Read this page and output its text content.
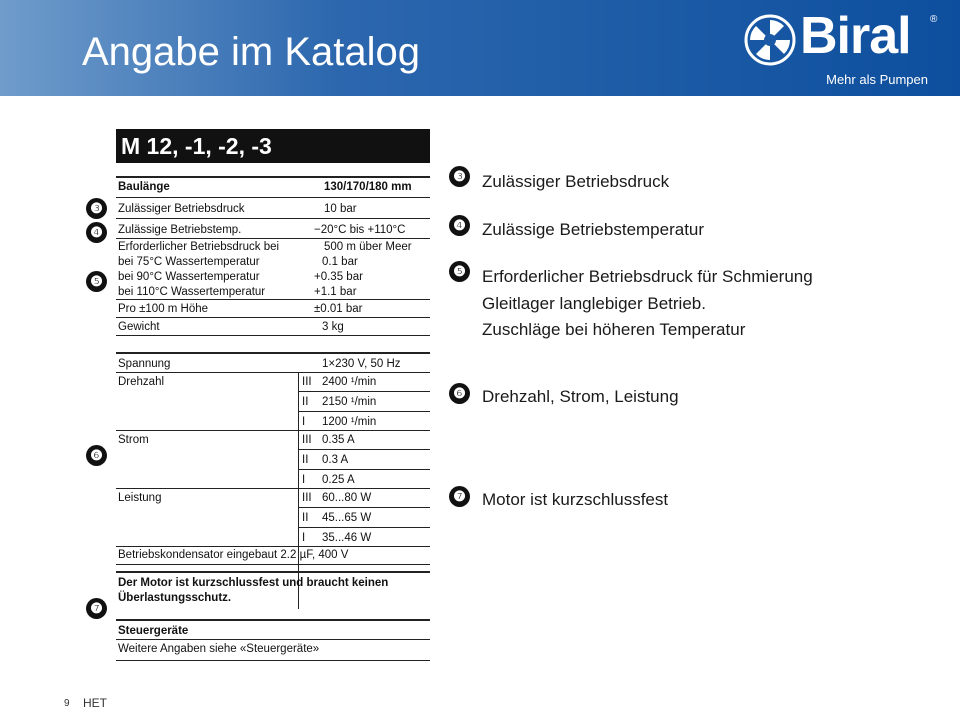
Angabe im Katalog	Biral ®
Mehr als Pumpen
❸
❹
❺
❻
❼
M 12, -1, -2, -3
Baulänge	130/170/180 mm
Zulässiger Betriebsdruck	10 bar
Zulässige Betriebstemp.	−20°C bis +110°C
Erforderlicher Betriebsdruck bei	500 m über Meer
bei 75°C Wassertemperatur	0.1 bar
bei 90°C Wassertemperatur	+0.35 bar
bei 110°C Wassertemperatur	+1.1 bar
Pro ±100 m Höhe	±0.01 bar
Gewicht	3 kg
Spannung	1×230 V, 50 Hz
Drehzahl	III 2400 ¹/min
II 2150 ¹/min
I 1200 ¹/min
Strom	III 0.35 A
II 0.3 A
I 0.25 A
Leistung	III 60...80 W
II 45...65 W
I 35...46 W
Betriebskondensator eingebaut 2.2 µF, 400 V
Der Motor ist kurzschlussfest und braucht keinen
Überlastungsschutz.
Steuergeräte
Weitere Angaben siehe «Steuergeräte»
❸ Zulässiger Betriebsdruck
❹ Zulässige Betriebstemperatur
❺ Erforderlicher Betriebsdruck für Schmierung
Gleitlager langlebiger Betrieb.
Zuschläge bei höheren Temperatur
❻ Drehzahl, Strom, Leistung
❼ Motor ist kurzschlussfest
9 HET
